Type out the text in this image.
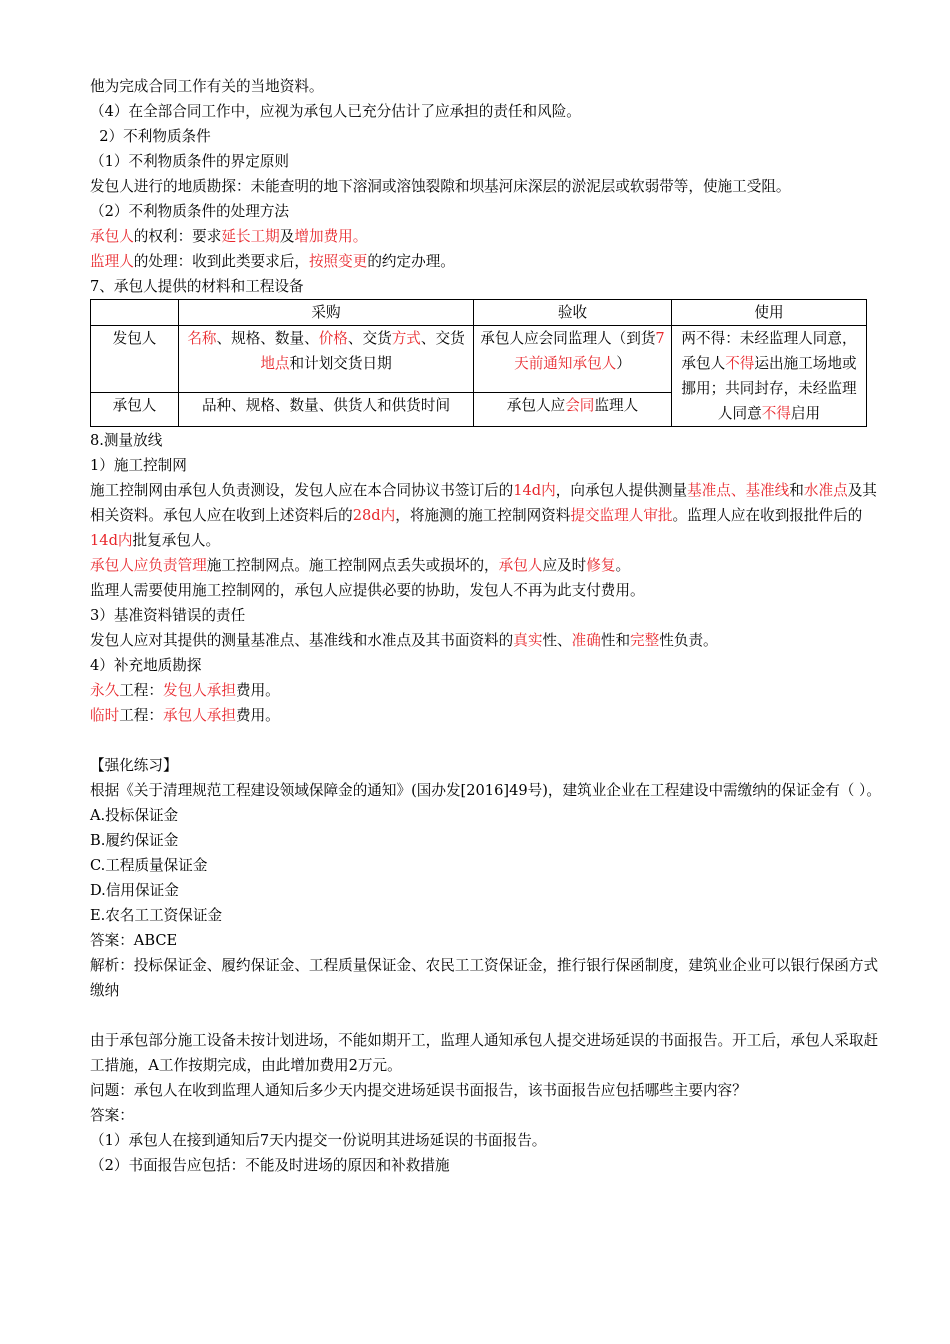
他为完成合同工作有关的当地资料。
（4）在全部合同工作中，应视为承包人已充分估计了应承担的责任和风险。
2）不利物质条件
（1）不利物质条件的界定原则
发包人进行的地质勘探：未能查明的地下溶洞或溶蚀裂隙和坝基河床深层的淤泥层或软弱带等，使施工受阻。
（2）不利物质条件的处理方法
承包人的权利：要求延长工期及增加费用。
监理人的处理：收到此类要求后，按照变更的约定办理。
7、承包人提供的材料和工程设备
	采购	验收	使用
发包人	名称、规格、数量、价格、交货方式、交货地点和计划交货日期	承包人应会同监理人（到货7天前通知承包人）	两不得：未经监理人同意，承包人不得运出施工场地或挪用；共同封存，未经监理人同意不得启用
承包人	品种、规格、数量、供货人和供货时间	承包人应会同监理人	
8.测量放线
1）施工控制网
施工控制网由承包人负责测设，发包人应在本合同协议书签订后的14d内，向承包人提供测量基准点、基准线和水准点及其相关资料。承包人应在收到上述资料后的28d内，将施测的施工控制网资料提交监理人审批。监理人应在收到报批件后的14d内批复承包人。
承包人应负责管理施工控制网点。施工控制网点丢失或损坏的，承包人应及时修复。
监理人需要使用施工控制网的，承包人应提供必要的协助，发包人不再为此支付费用。
3）基准资料错误的责任
发包人应对其提供的测量基准点、基准线和水准点及其书面资料的真实性、准确性和完整性负责。
4）补充地质勘探
永久工程：发包人承担费用。
临时工程：承包人承担费用。
【强化练习】
根据《关于清理规范工程建设领域保障金的通知》(国办发[2016]49号)，建筑业企业在工程建设中需缴纳的保证金有（ ）。
A.投标保证金
B.履约保证金
C.工程质量保证金
D.信用保证金
E.农名工工资保证金
答案：ABCE
解析：投标保证金、履约保证金、工程质量保证金、农民工工资保证金，推行银行保函制度，建筑业企业可以银行保函方式缴纳
由于承包部分施工设备未按计划进场，不能如期开工，监理人通知承包人提交进场延误的书面报告。开工后，承包人采取赶工措施，A工作按期完成，由此增加费用2万元。
问题：承包人在收到监理人通知后多少天内提交进场延误书面报告，该书面报告应包括哪些主要内容？
答案：
（1）承包人在接到通知后7天内提交一份说明其进场延误的书面报告。
（2）书面报告应包括：不能及时进场的原因和补救措施
